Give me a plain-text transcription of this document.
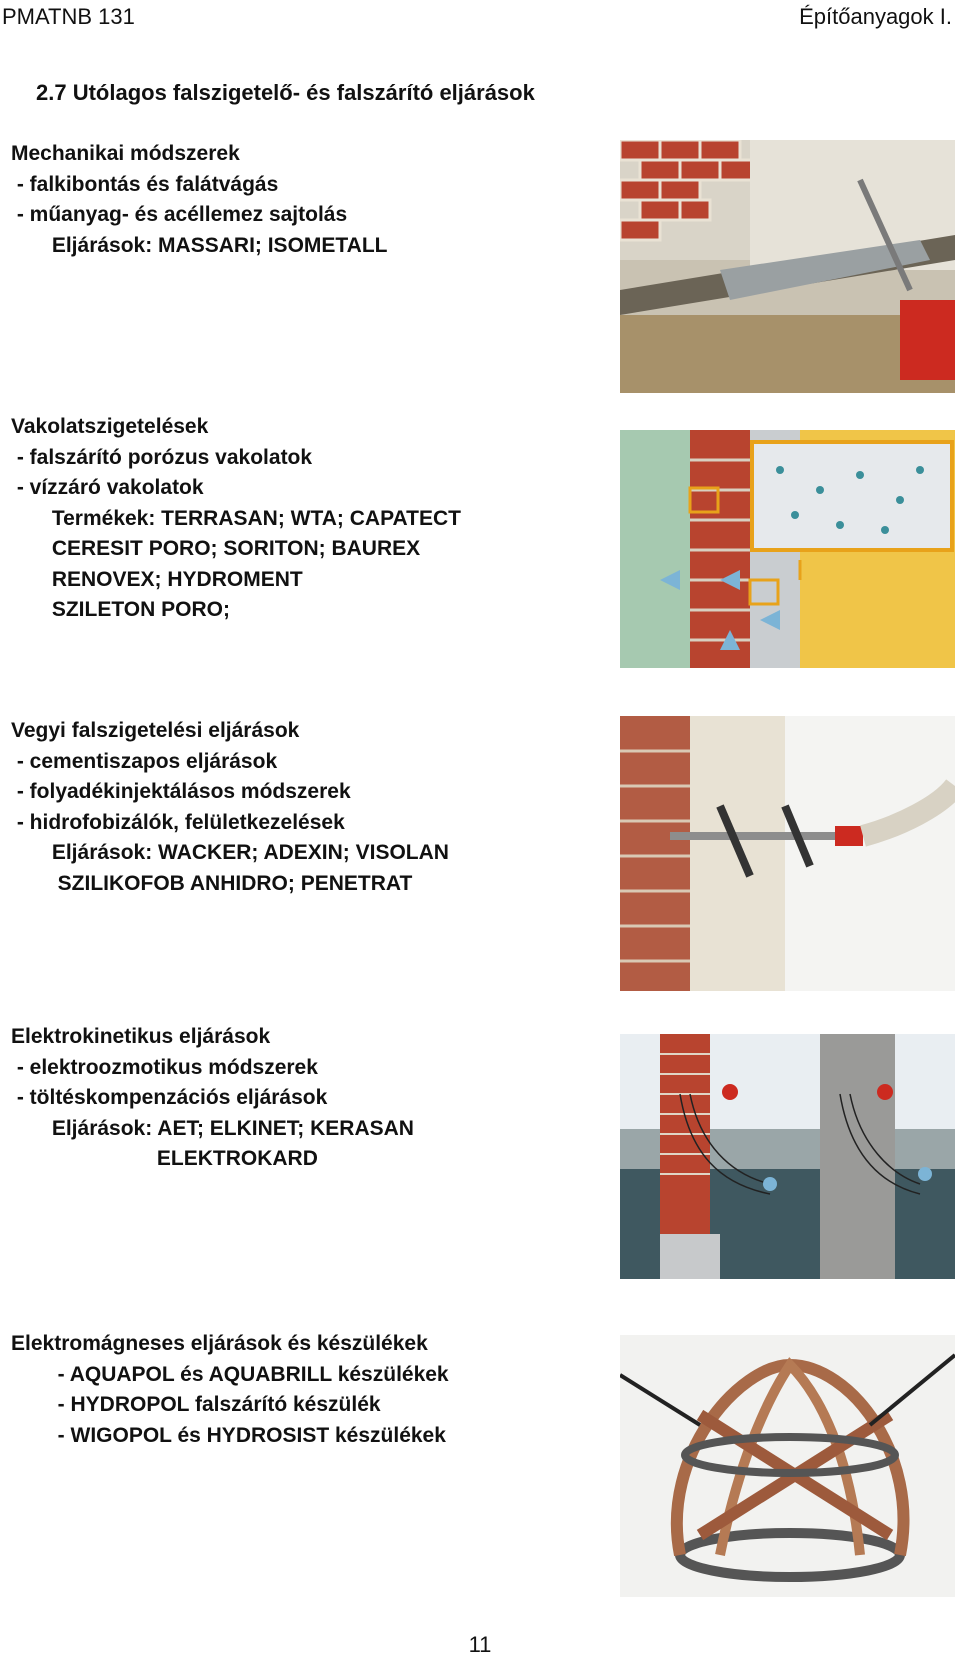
PMATNB 131	Építőanyagok I.
2.7 Utólagos falszigetelő- és falszárító eljárások
Mechanikai módszerek
- falkibontás és falátvágás
- műanyag- és acéllemez sajtolás
Eljárások: MASSARI; ISOMETALL
Vakolatszigetelések
- falszárító porózus vakolatok
- vízzáró vakolatok
Termékek: TERRASAN; WTA; CAPATECT
CERESIT PORO; SORITON; BAUREX
RENOVEX; HYDROMENT
SZILETON PORO;
Vegyi falszigetelési eljárások
- cementiszapos eljárások
- folyadékinjektálásos módszerek
- hidrofobizálók, felületkezelések
Eljárások: WACKER; ADEXIN; VISOLAN
SZILIKOFOB ANHIDRO; PENETRAT
Elektrokinetikus eljárások
- elektroozmotikus módszerek
- töltéskompenzációs eljárások
Eljárások: AET; ELKINET; KERASAN
ELEKTROKARD
Elektromágneses eljárások és készülékek
- AQUAPOL és AQUABRILL készülékek
- HYDROPOL falszárító készülék
- WIGOPOL és HYDROSIST készülékek
11
